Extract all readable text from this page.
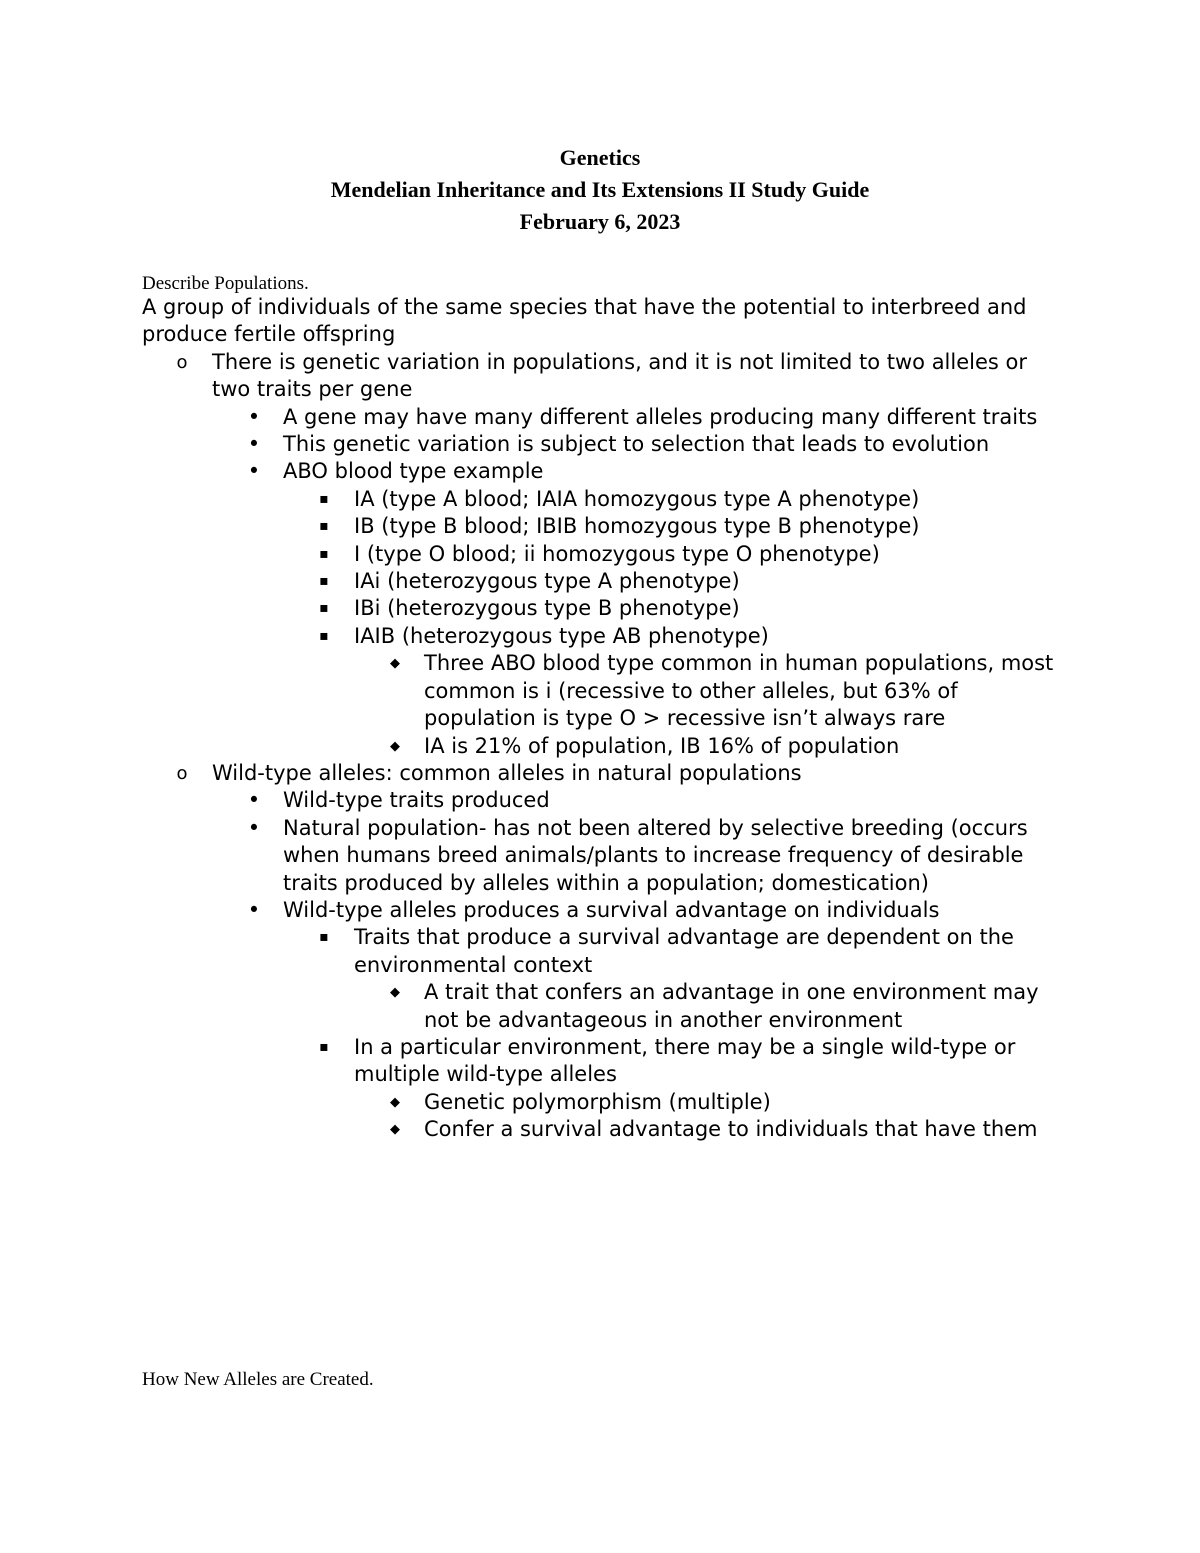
Genetics
Mendelian Inheritance and Its Extensions II Study Guide
February 6, 2023
Describe Populations.

A group of individuals of the same species that have the potential to interbreed and produce fertile offspring

o There is genetic variation in populations, and it is not limited to two alleles or two traits per gene
• A gene may have many different alleles producing many different traits
• This genetic variation is subject to selection that leads to evolution
• ABO blood type example
▪ IA (type A blood; IAIA homozygous type A phenotype)
▪ IB (type B blood; IBIB homozygous type B phenotype)
▪ I (type O blood; ii homozygous type O phenotype)
▪ IAi (heterozygous type A phenotype)
▪ IBi (heterozygous type B phenotype)
▪ IAIB (heterozygous type AB phenotype)
◆ Three ABO blood type common in human populations, most common is i (recessive to other alleles, but 63% of population is type O > recessive isn’t always rare
◆ IA is 21% of population, IB 16% of population
o Wild-type alleles: common alleles in natural populations
• Wild-type traits produced
• Natural population- has not been altered by selective breeding (occurs when humans breed animals/plants to increase frequency of desirable traits produced by alleles within a population; domestication)
• Wild-type alleles produces a survival advantage on individuals
▪ Traits that produce a survival advantage are dependent on the environmental context
◆ A trait that confers an advantage in one environment may not be advantageous in another environment
▪ In a particular environment, there may be a single wild-type or multiple wild-type alleles
◆ Genetic polymorphism (multiple)
◆ Confer a survival advantage to individuals that have them
How New Alleles are Created.
